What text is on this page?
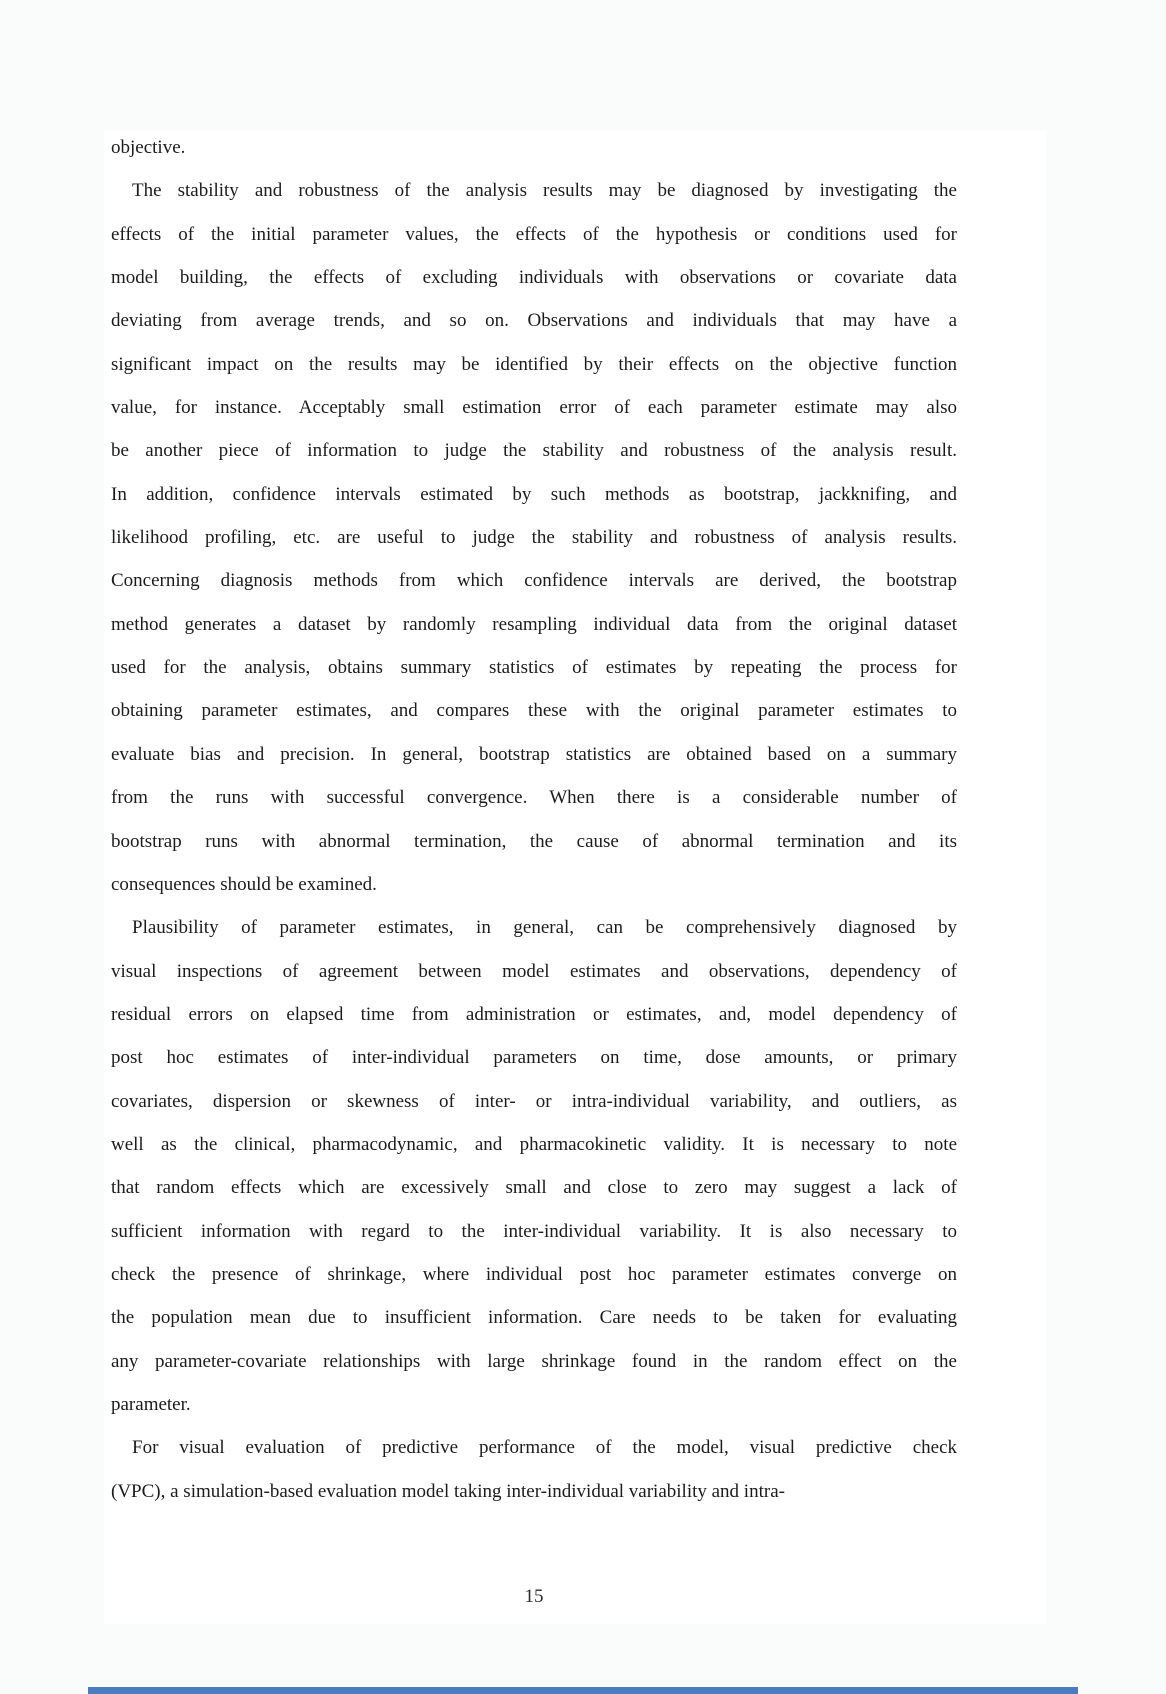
objective.
The stability and robustness of the analysis results may be diagnosed by investigating the
effects of the initial parameter values, the effects of the hypothesis or conditions used for
model building, the effects of excluding individuals with observations or covariate data
deviating from average trends, and so on. Observations and individuals that may have a
significant impact on the results may be identified by their effects on the objective function
value, for instance. Acceptably small estimation error of each parameter estimate may also
be another piece of information to judge the stability and robustness of the analysis result.
In addition, confidence intervals estimated by such methods as bootstrap, jackknifing, and
likelihood profiling, etc. are useful to judge the stability and robustness of analysis results.
Concerning diagnosis methods from which confidence intervals are derived, the bootstrap
method generates a dataset by randomly resampling individual data from the original dataset
used for the analysis, obtains summary statistics of estimates by repeating the process for
obtaining parameter estimates, and compares these with the original parameter estimates to
evaluate bias and precision. In general, bootstrap statistics are obtained based on a summary
from the runs with successful convergence. When there is a considerable number of
bootstrap runs with abnormal termination, the cause of abnormal termination and its
consequences should be examined.
Plausibility of parameter estimates, in general, can be comprehensively diagnosed by
visual inspections of agreement between model estimates and observations, dependency of
residual errors on elapsed time from administration or estimates, and, model dependency of
post hoc estimates of inter-individual parameters on time, dose amounts, or primary
covariates, dispersion or skewness of inter- or intra-individual variability, and outliers, as
well as the clinical, pharmacodynamic, and pharmacokinetic validity. It is necessary to note
that random effects which are excessively small and close to zero may suggest a lack of
sufficient information with regard to the inter-individual variability. It is also necessary to
check the presence of shrinkage, where individual post hoc parameter estimates converge on
the population mean due to insufficient information. Care needs to be taken for evaluating
any parameter-covariate relationships with large shrinkage found in the random effect on the
parameter.
For visual evaluation of predictive performance of the model, visual predictive check
(VPC), a simulation-based evaluation model taking inter-individual variability and intra-
15
